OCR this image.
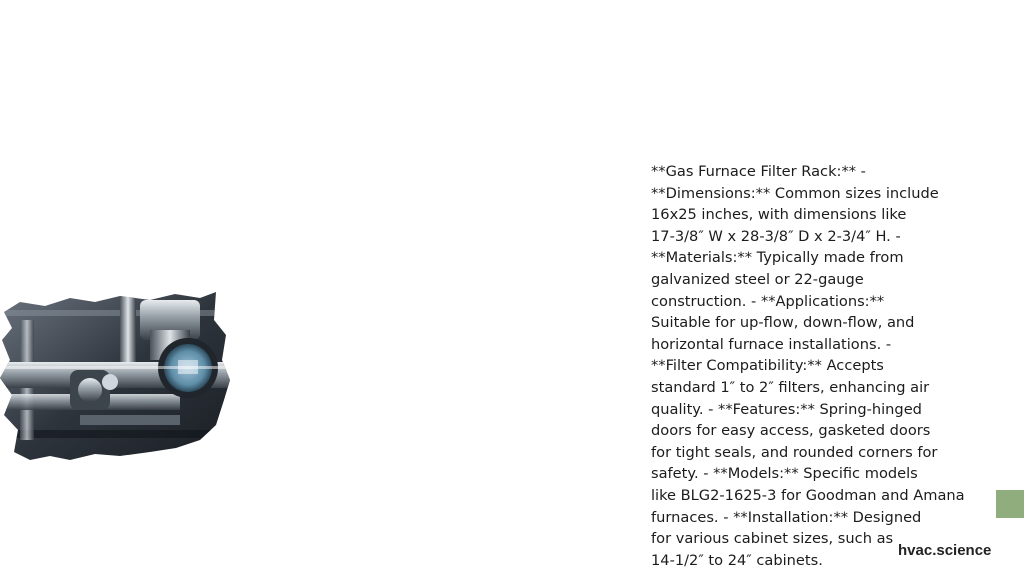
**Gas Furnace Filter Rack:** -
**Dimensions:** Common sizes include
16x25 inches, with dimensions like
17-3/8″ W x 28-3/8″ D x 2-3/4″ H. -
**Materials:** Typically made from
galvanized steel or 22-gauge
construction. - **Applications:**
Suitable for up-flow, down-flow, and
horizontal furnace installations. -
**Filter Compatibility:** Accepts
standard 1″ to 2″ filters, enhancing air
quality. - **Features:** Spring-hinged
doors for easy access, gasketed doors
for tight seals, and rounded corners for
safety. - **Models:** Specific models
like BLG2-1625-3 for Goodman and Amana
furnaces. - **Installation:** Designed
for various cabinet sizes, such as
14-1/2″ to 24″ cabinets.
hvac.science
